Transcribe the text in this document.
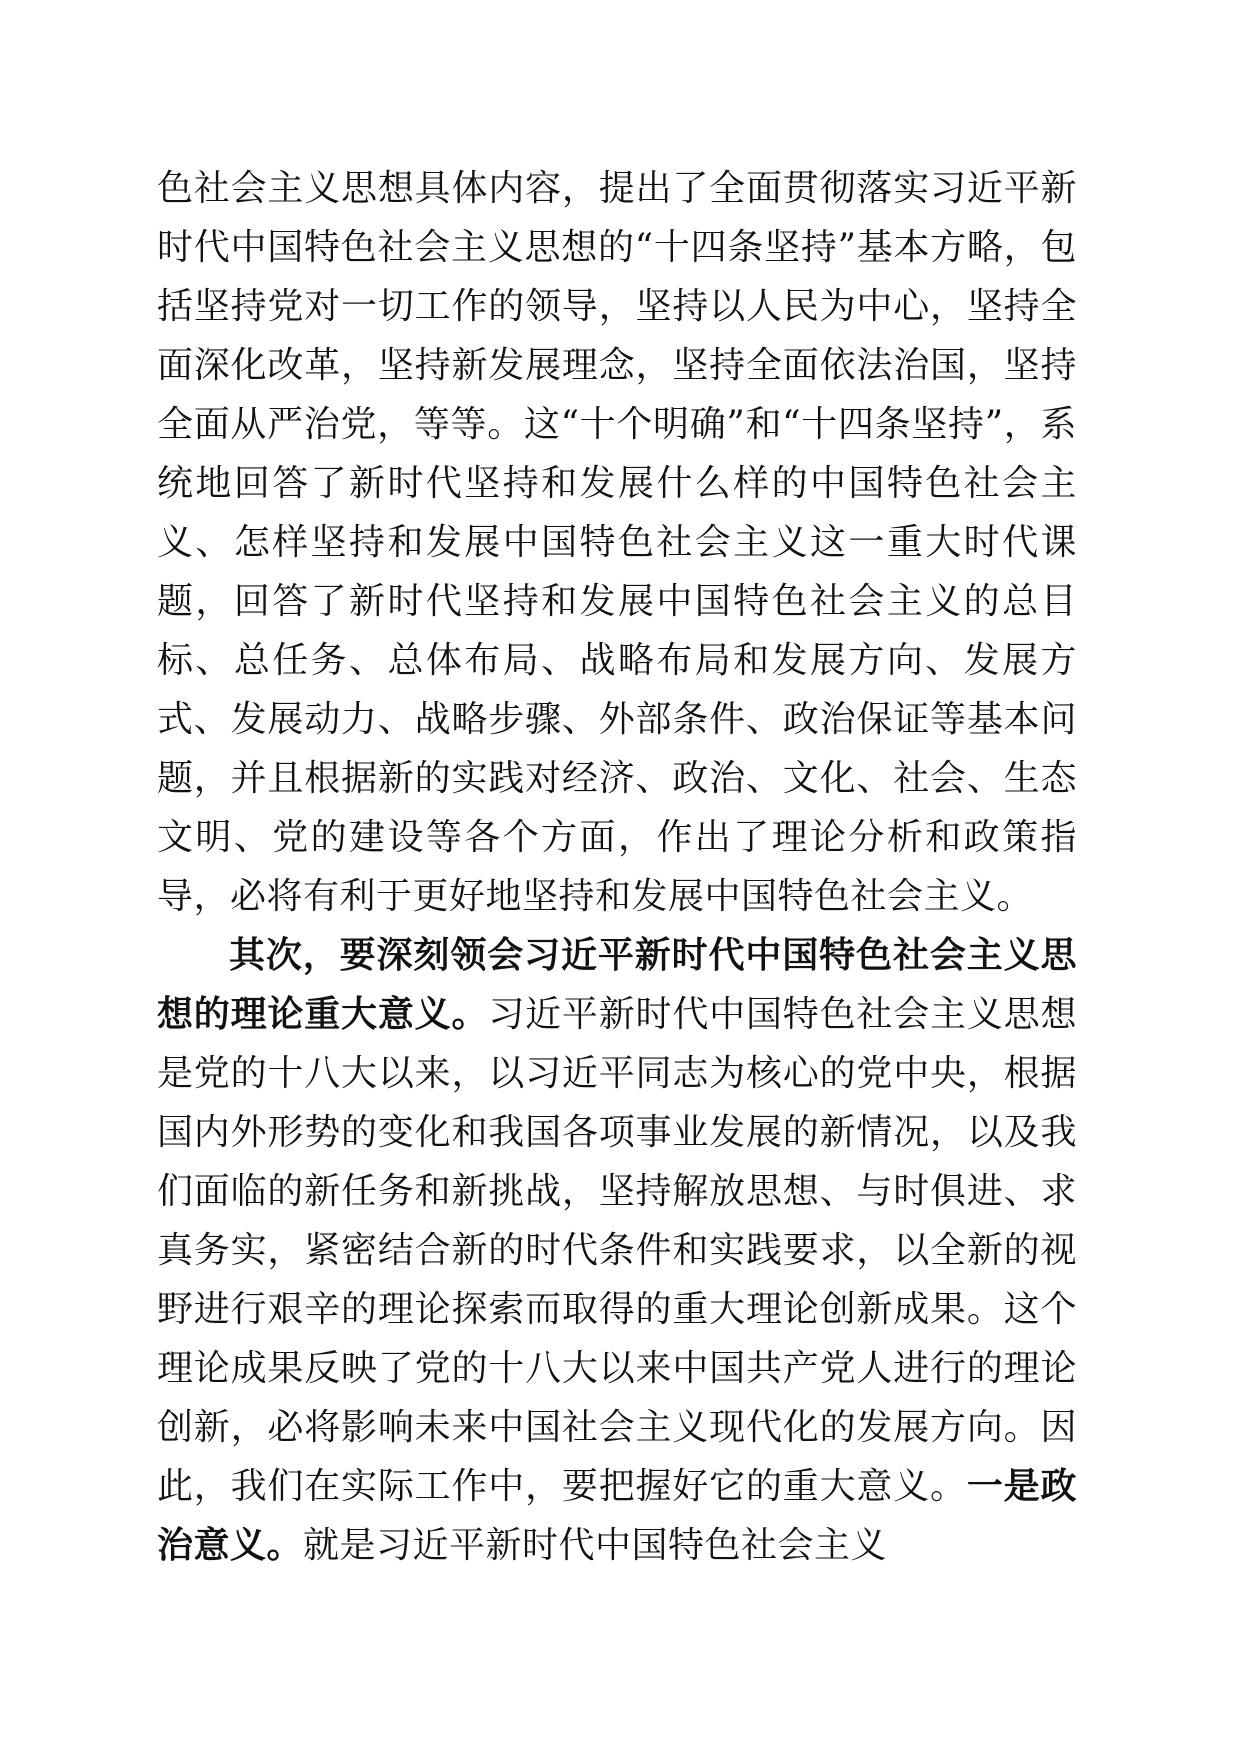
色社会主义思想具体内容，提出了全面贯彻落实习近平新时代中国特色社会主义思想的“十四条坚持”基本方略，包括坚持党对一切工作的领导，坚持以人民为中心，坚持全面深化改革，坚持新发展理念，坚持全面依法治国，坚持全面从严治党，等等。这“十个明确”和“十四条坚持”，系统地回答了新时代坚持和发展什么样的中国特色社会主义、怎样坚持和发展中国特色社会主义这一重大时代课题，回答了新时代坚持和发展中国特色社会主义的总目标、总任务、总体布局、战略布局和发展方向、发展方式、发展动力、战略步骤、外部条件、政治保证等基本问题，并且根据新的实践对经济、政治、文化、社会、生态文明、党的建设等各个方面，作出了理论分析和政策指导，必将有利于更好地坚持和发展中国特色社会主义。

其次，要深刻领会习近平新时代中国特色社会主义思想的理论重大意义。习近平新时代中国特色社会主义思想是党的十八大以来，以习近平同志为核心的党中央，根据国内外形势的变化和我国各项事业发展的新情况，以及我们面临的新任务和新挑战，坚持解放思想、与时俱进、求真务实，紧密结合新的时代条件和实践要求，以全新的视野进行艰辛的理论探索而取得的重大理论创新成果。这个理论成果反映了党的十八大以来中国共产党人进行的理论创新，必将影响未来中国社会主义现代化的发展方向。因此，我们在实际工作中，要把握好它的重大意义。一是政治意义。就是习近平新时代中国特色社会主义
